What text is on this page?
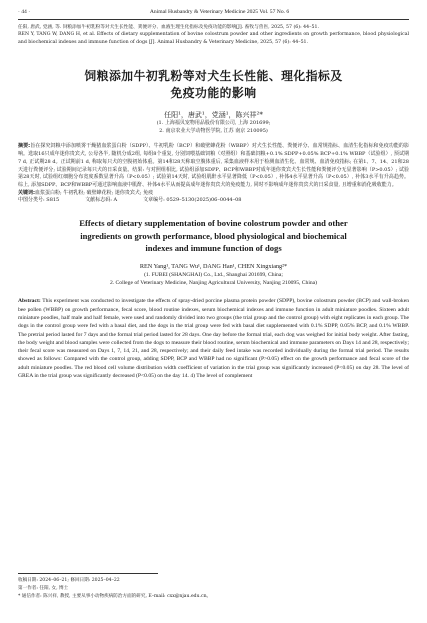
· 44 ·	Animal Husbandry & Veterinary Medicine 2025 Vol. 57 No. 6

任阳, 唐武, 党涵, 等. 饲粮添加牛初乳粉等对犬生长性能、粪便评分、血液生理生化指标及免疫功能的影响[J]. 畜牧与兽医, 2025, 57 (6): 44–51.

REN Y, TANG W, DANG H, et al. Effects of dietary supplementation of bovine colostrum powder and other ingredients on growth performance, blood physiological and biochemical indexes and immune function of dogs [J]. Animal Husbandry & Veterinary Medicine, 2025, 57 (6): 44–51.

饲粮添加牛初乳粉等对犬生长性能、理化指标及
免疫功能的影响
任阳¹，唐武¹，党涵¹，陈兴祥²*
(1. 上海福贝宠物用品股份有限公司, 上海 201699;
2. 南京农业大学动物医学院, 江苏 南京 210095)

摘要:旨在探究饲粮中添加喷雾干燥猪血浆蛋白粉（SDPP）、牛初乳粉（BCP）和破壁蜂花粉（WBBP）对犬生长性能、粪便评分、血常规指标、血清生化指标和免疫功能的影响。选取16只成年迷你贵宾犬, 公母各半, 随机分成2组, 每组8个重复, 分别饲喂基础饲粮（对照组）和基础饲粮+0.1% SDPP+0.05% BCP+0.1% WBBP（试验组）, 预试期7 d, 正试期28 d。正试期前1 d, 称取每只犬的空腹初始体重。第14和28天称取空腹体重后, 采集血液样本用于检测血清生化、血常规、血清免疫指标; 在第1、7、14、21和28天进行粪便评分; 试验期间记录每只犬的日采食量。结果: 与对照组相比, 试验组添加SDPP、BCP和WBBP对成年迷你贵宾犬生长性能和粪便评分无显著影响（P>0.05）; 试验第28天时, 试验组红细胞分布宽度系数显著升高（P<0.05）; 试验第14天时, 试验组肌酐水平显著降低（P<0.05）, 补体4水平显著升高（P<0.05）, 补体3水平有升高趋势。综上, 添加SDPP、BCP和WBBP可通过影响血液中肌酐、补体4水平从而提高成年迷你贵宾犬的免疫能力, 同时不影响成年迷你贵宾犬的日采食量, 且增重和消化吸收能力。

关键词:血浆蛋白粉; 牛初乳粉; 破壁蜂花粉; 迷你贵宾犬; 免疫

中图分类号: S815	文献标志码: A	文章编号: 0529–5130(2025)06–0044–08
Effects of dietary supplementation of bovine colostrum powder and other
ingredients on growth performance, blood physiological and biochemical
indexes and immune function of dogs
REN Yang¹, TANG Wu¹, DANG Han¹, CHEN Xingxiang²*
(1. FUBEI (SHANGHAI) Co., Ltd., Shanghai 201699, China;
2. College of Veterinary Medicine, Nanjing Agricultural University, Nanjing 210095, China)

Abstract: This experiment was conducted to investigate the effects of spray-dried porcine plasma protein powder (SDPP), bovine colostrum powder (BCP) and wall-broken bee pollen (WBBP) on growth performance, fecal score, blood routine indexes, serum biochemical indexes and immune function in adult miniature poodles. Sixteen adult miniature poodles, half male and half female, were used and randomly divided into two groups (the trial group and the control group) with eight replicates in each group. The dogs in the control group were fed with a basal diet, and the dogs in the trial group were fed with basal diet supplemented with 0.1% SDPP, 0.05% BCP, and 0.1% WBBP. The pretrial period lasted for 7 days and the formal trial period lasted for 28 days. One day before the formal trial, each dog was weighed for initial body weight. After fasting, the body weight and blood samples were collected from the dogs to measure their blood routine, serum biochemical and immune parameters on Days 14 and 28, respectively; their fecal score was measured on Days 1, 7, 14, 21, and 28, respectively; and their daily feed intake was recorded individually during the formal trial period. The results showed as follows: Compared with the control group, adding SDPP, BCP and WBBP had no significant (P>0.05) effect on the growth performance and fecal score of the adult miniature poodles. The red blood cell volume distribution width coefficient of variation in the trial group was significantly increased (P<0.05) on day 28. The level of GREA in the trial group was significantly decreased (P<0.05) on the day 14. 4) The level of complement

收稿日期: 2024–06–21; 修回日期: 2025–04–22

第一作者: 任阳, 女, 博士

* 通信作者: 陈兴祥, 教授, 主要从事小动物疾病防治方面的研究, E–mail: cxx@njau.edu.cn。
